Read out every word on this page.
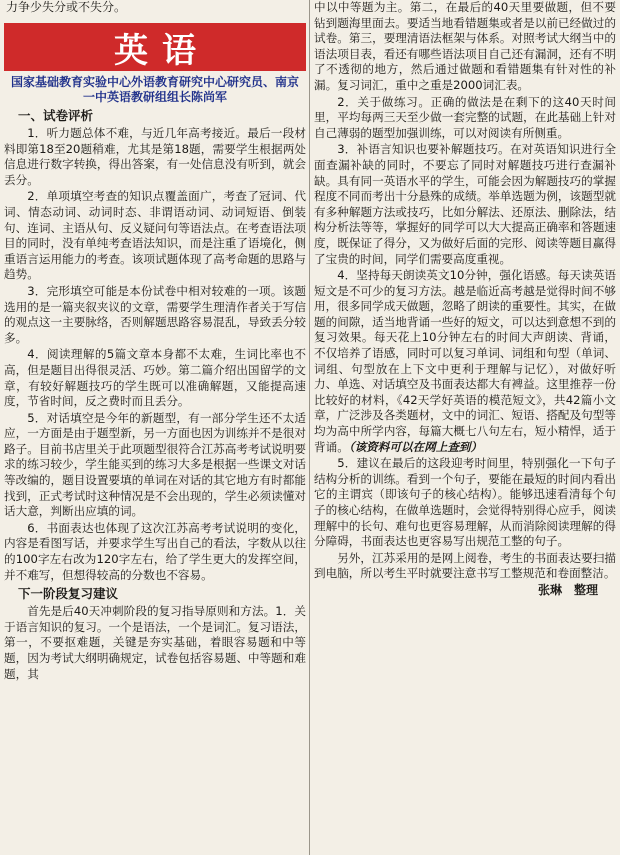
力争少失分或不失分。
英语
国家基础教育实验中心外语教育研究中心研究员、南京一中英语教研组组长陈尚军
一、试卷评析

1．听力题总体不难，与近几年高考接近。最后一段材料即第18至20题稍难，尤其是第18题，需要学生根据两处信息进行数字转换，得出答案，有一处信息没有听到，就会丢分。

2．单项填空考查的知识点覆盖面广，考查了冠词、代词、情态动词、动词时态、非谓语动词、动词短语、倒装句、连词、主语从句、反义疑问句等语法点。在考查语法项目的同时，没有单纯考查语法知识，而是注重了语境化，侧重语言运用能力的考查。该项试题体现了高考命题的思路与趋势。

3．完形填空可能是本份试卷中相对较难的一项。该题选用的是一篇夹叙夹议的文章，需要学生理清作者关于写信的观点这一主要脉络，否则解题思路容易混乱，导致丢分较多。

4．阅读理解的5篇文章本身都不太难，生词比率也不高，但是题目出得很灵活、巧妙。第二篇介绍出国留学的文章，有较好解题技巧的学生既可以准确解题，又能提高速度，节省时间，反之费时而且丢分。

5．对话填空是今年的新题型，有一部分学生还不太适应，一方面是由于题型新，另一方面也因为训练并不是很对路子。目前书店里关于此项题型很符合江苏高考考试说明要求的练习较少，学生能买到的练习大多是根据一些课文对话等改编的，题目设置要填的单词在对话的其它地方有时都能找到，正式考试时这种情况是不会出现的，学生必须读懂对话大意，判断出应填的词。

6．书面表达也体现了这次江苏高考考试说明的变化，内容是看图写话，并要求学生写出自己的看法，字数从以往的100字左右改为120字左右，给了学生更大的发挥空间，并不难写，但想得较高的分数也不容易。

下一阶段复习建议

首先是后40天冲刺阶段的复习指导原则和方法。1．关于语言知识的复习。一个是语法，一个是词汇。复习语法，第一，不要抠难题，关键是夯实基础，着眼容易题和中等题，因为考试大纲明确规定，试卷包括容易题、中等题和难题，其

中以中等题为主。第二，在最后的40天里要做题，但不要钻到题海里面去。要适当地看错题集或者是以前已经做过的试卷。第三，要理清语法框架与体系。对照考试大纲当中的语法项目表，看还有哪些语法项目自己还有漏洞，还有不明了不透彻的地方，然后通过做题和看错题集有针对性的补漏。复习词汇，重中之重是2000词汇表。

2．关于做练习。正确的做法是在剩下的这40天时间里，平均每两三天至少做一套完整的试题，在此基础上针对自己薄弱的题型加强训练，可以对阅读有所侧重。

3．补语言知识也要补解题技巧。在对英语知识进行全面查漏补缺的同时，不要忘了同时对解题技巧进行查漏补缺。具有同一英语水平的学生，可能会因为解题技巧的掌握程度不同而考出十分悬殊的成绩。举单选题为例，该题型就有多种解题方法或技巧，比如分解法、还原法、删除法，结构分析法等等，掌握好的同学可以大大提高正确率和答题速度，既保证了得分，又为做好后面的完形、阅读等题目赢得了宝贵的时间，同学们需要高度重视。

4．坚持每天朗读英文10分钟，强化语感。每天读英语短文是不可少的复习方法。越是临近高考越是觉得时间不够用，很多同学成天做题，忽略了朗读的重要性。其实，在做题的间隙，适当地背诵一些好的短文，可以达到意想不到的复习效果。每天花上10分钟左右的时间大声朗读、背诵，不仅培养了语感，同时可以复习单词、词组和句型（单词、词组、句型放在上下文中更利于理解与记忆），对做好听力、单选、对话填空及书面表达都大有裨益。这里推荐一份比较好的材料，《42天学好英语的模范短文》，共42篇小文章，广泛涉及各类题材，文中的词汇、短语、搭配及句型等均为高中所学内容，每篇大概七八句左右，短小精悍，适于背诵。（该资料可以在网上查到）

5．建议在最后的这段迎考时间里，特别强化一下句子结构分析的训练。看到一个句子，要能在最短的时间内看出它的主谓宾（即该句子的核心结构）。能够迅速看清每个句子的核心结构，在做单选题时，会觉得特别得心应手，阅读理解中的长句、难句也更容易理解，从而消除阅读理解的得分障碍，书面表达也更容易写出规范工整的句子。

另外，江苏采用的是网上阅卷，考生的书面表达要扫描到电脑，所以考生平时就要注意书写工整规范和卷面整洁。

张琳　整理
